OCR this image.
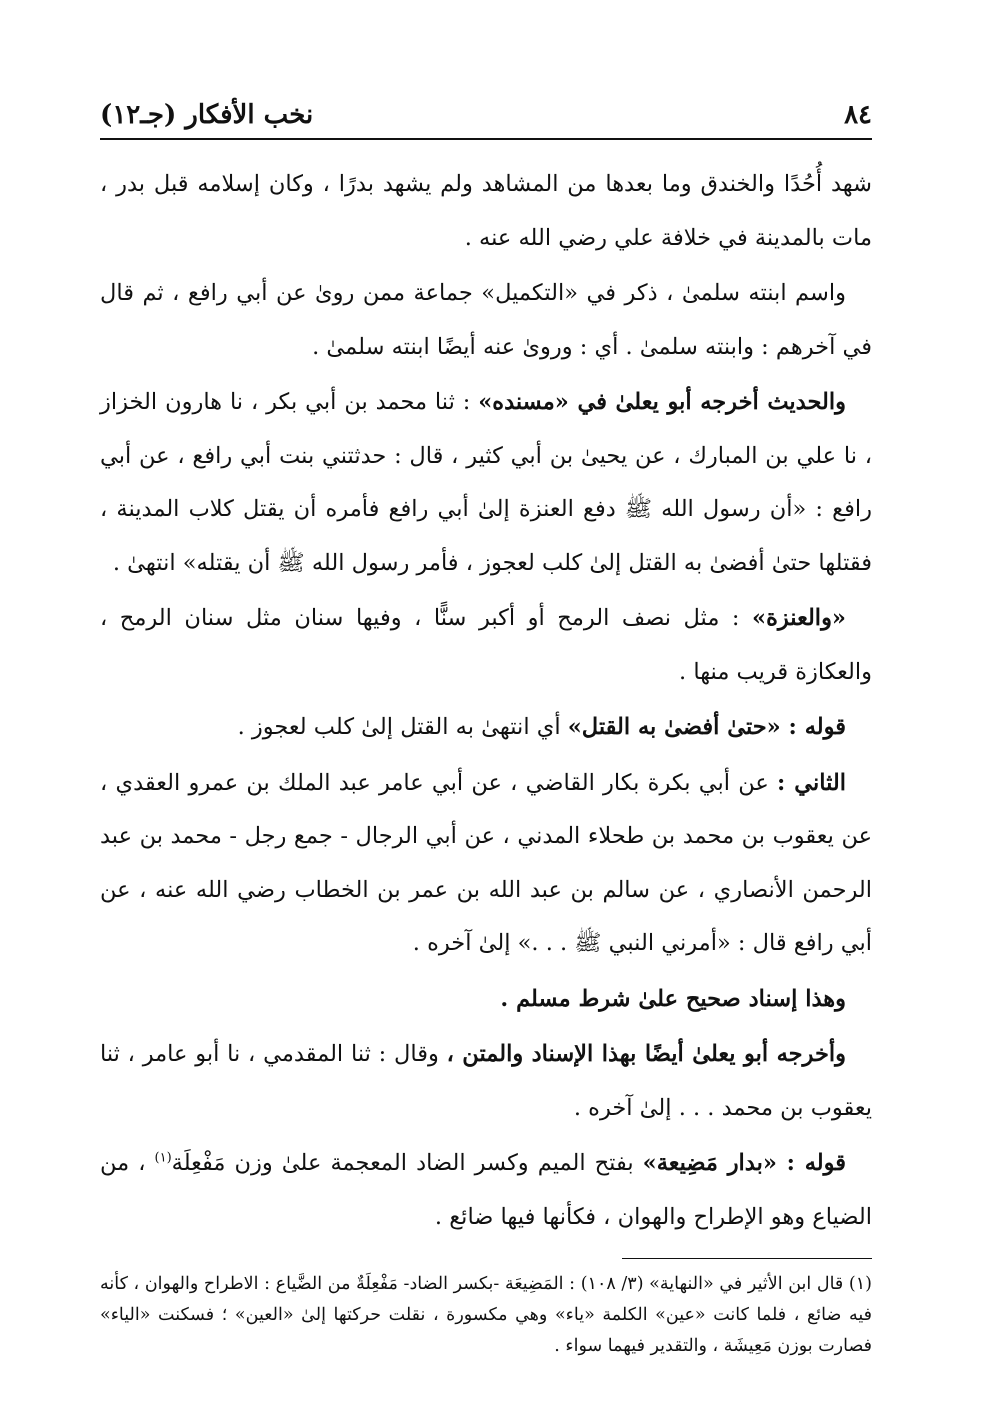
٨٤
نخب الأفكار (جـ١٢)

شهد أُحُدًا والخندق وما بعدها من المشاهد ولم يشهد بدرًا ، وكان إسلامه قبل بدر ، مات بالمدينة في خلافة علي رضي الله عنه .

واسم ابنته سلمىٰ ، ذكر في «التكميل» جماعة ممن روىٰ عن أبي رافع ، ثم قال في آخرهم : وابنته سلمىٰ . أي : وروىٰ عنه أيضًا ابنته سلمىٰ .

والحديث أخرجه أبو يعلىٰ في «مسنده» : ثنا محمد بن أبي بكر ، نا هارون الخزاز ، نا علي بن المبارك ، عن يحيىٰ بن أبي كثير ، قال : حدثتني بنت أبي رافع ، عن أبي رافع : «أن رسول الله ﷺ دفع العنزة إلىٰ أبي رافع فأمره أن يقتل كلاب المدينة ، فقتلها حتىٰ أفضىٰ به القتل إلىٰ كلب لعجوز ، فأمر رسول الله ﷺ أن يقتله» انتهىٰ .

«والعنزة» : مثل نصف الرمح أو أكبر سنًّا ، وفيها سنان مثل سنان الرمح ، والعكازة قريب منها .

قوله : «حتىٰ أفضىٰ به القتل» أي انتهىٰ به القتل إلىٰ كلب لعجوز .

الثاني : عن أبي بكرة بكار القاضي ، عن أبي عامر عبد الملك بن عمرو العقدي ، عن يعقوب بن محمد بن طحلاء المدني ، عن أبي الرجال - جمع رجل - محمد بن عبد الرحمن الأنصاري ، عن سالم بن عبد الله بن عمر بن الخطاب رضي الله عنه ، عن أبي رافع قال : «أمرني النبي ﷺ . . .» إلىٰ آخره .

وهذا إسناد صحيح علىٰ شرط مسلم .

وأخرجه أبو يعلىٰ أيضًا بهذا الإسناد والمتن ، وقال : ثنا المقدمي ، نا أبو عامر ، ثنا يعقوب بن محمد . . . إلىٰ آخره .

قوله : «بدار مَضِيعة» بفتح الميم وكسر الضاد المعجمة علىٰ وزن مَفْعِلَة$^{(١)}$ ، من الضياع وهو الإطراح والهوان ، فكأنها فيها ضائع .

(١) قال ابن الأثير في «النهاية» (٣/ ١٠٨) : المَضِيعَة -بكسر الضاد- مَفْعِلَةٌ من الضَّياع : الاطراح والهوان ، كأنه فيه ضائع ، فلما كانت «عين» الكلمة «ياء» وهي مكسورة ، نقلت حركتها إلىٰ «العين» ؛ فسكنت «الياء» فصارت بوزن مَعِيشَة ، والتقدير فيهما سواء .
